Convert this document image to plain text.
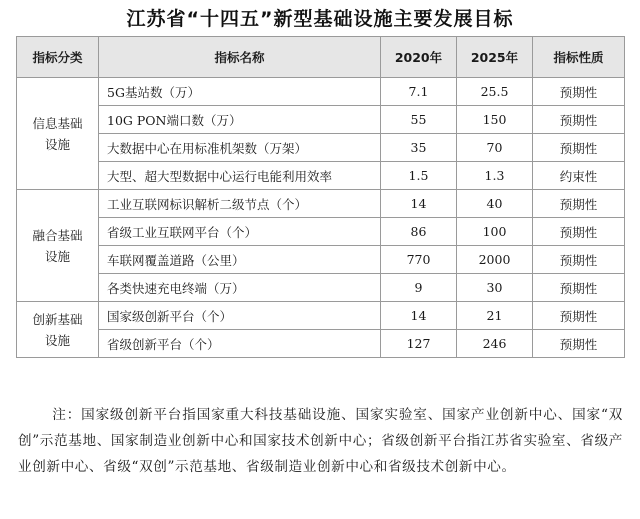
江苏省“十四五”新型基础设施主要发展目标
指标分类	指标名称	2020年	2025年	指标性质
信息基础
设施	5G基站数（万）	7.1	25.5	预期性
	10G PON端口数（万）	55	150	预期性
	大数据中心在用标准机架数（万架）	35	70	预期性
	大型、超大型数据中心运行电能利用效率	1.5	1.3	约束性
融合基础
设施	工业互联网标识解析二级节点（个）	14	40	预期性
	省级工业互联网平台（个）	86	100	预期性
	车联网覆盖道路（公里）	770	2000	预期性
	各类快速充电终端（万）	9	30	预期性
创新基础
设施	国家级创新平台（个）	14	21	预期性
	省级创新平台（个）	127	246	预期性
注：国家级创新平台指国家重大科技基础设施、国家实验室、国家产业创新中心、国家“双创”示范基地、国家制造业创新中心和国家技术创新中心；省级创新平台指江苏省实验室、省级产业创新中心、省级“双创”示范基地、省级制造业创新中心和省级技术创新中心。
